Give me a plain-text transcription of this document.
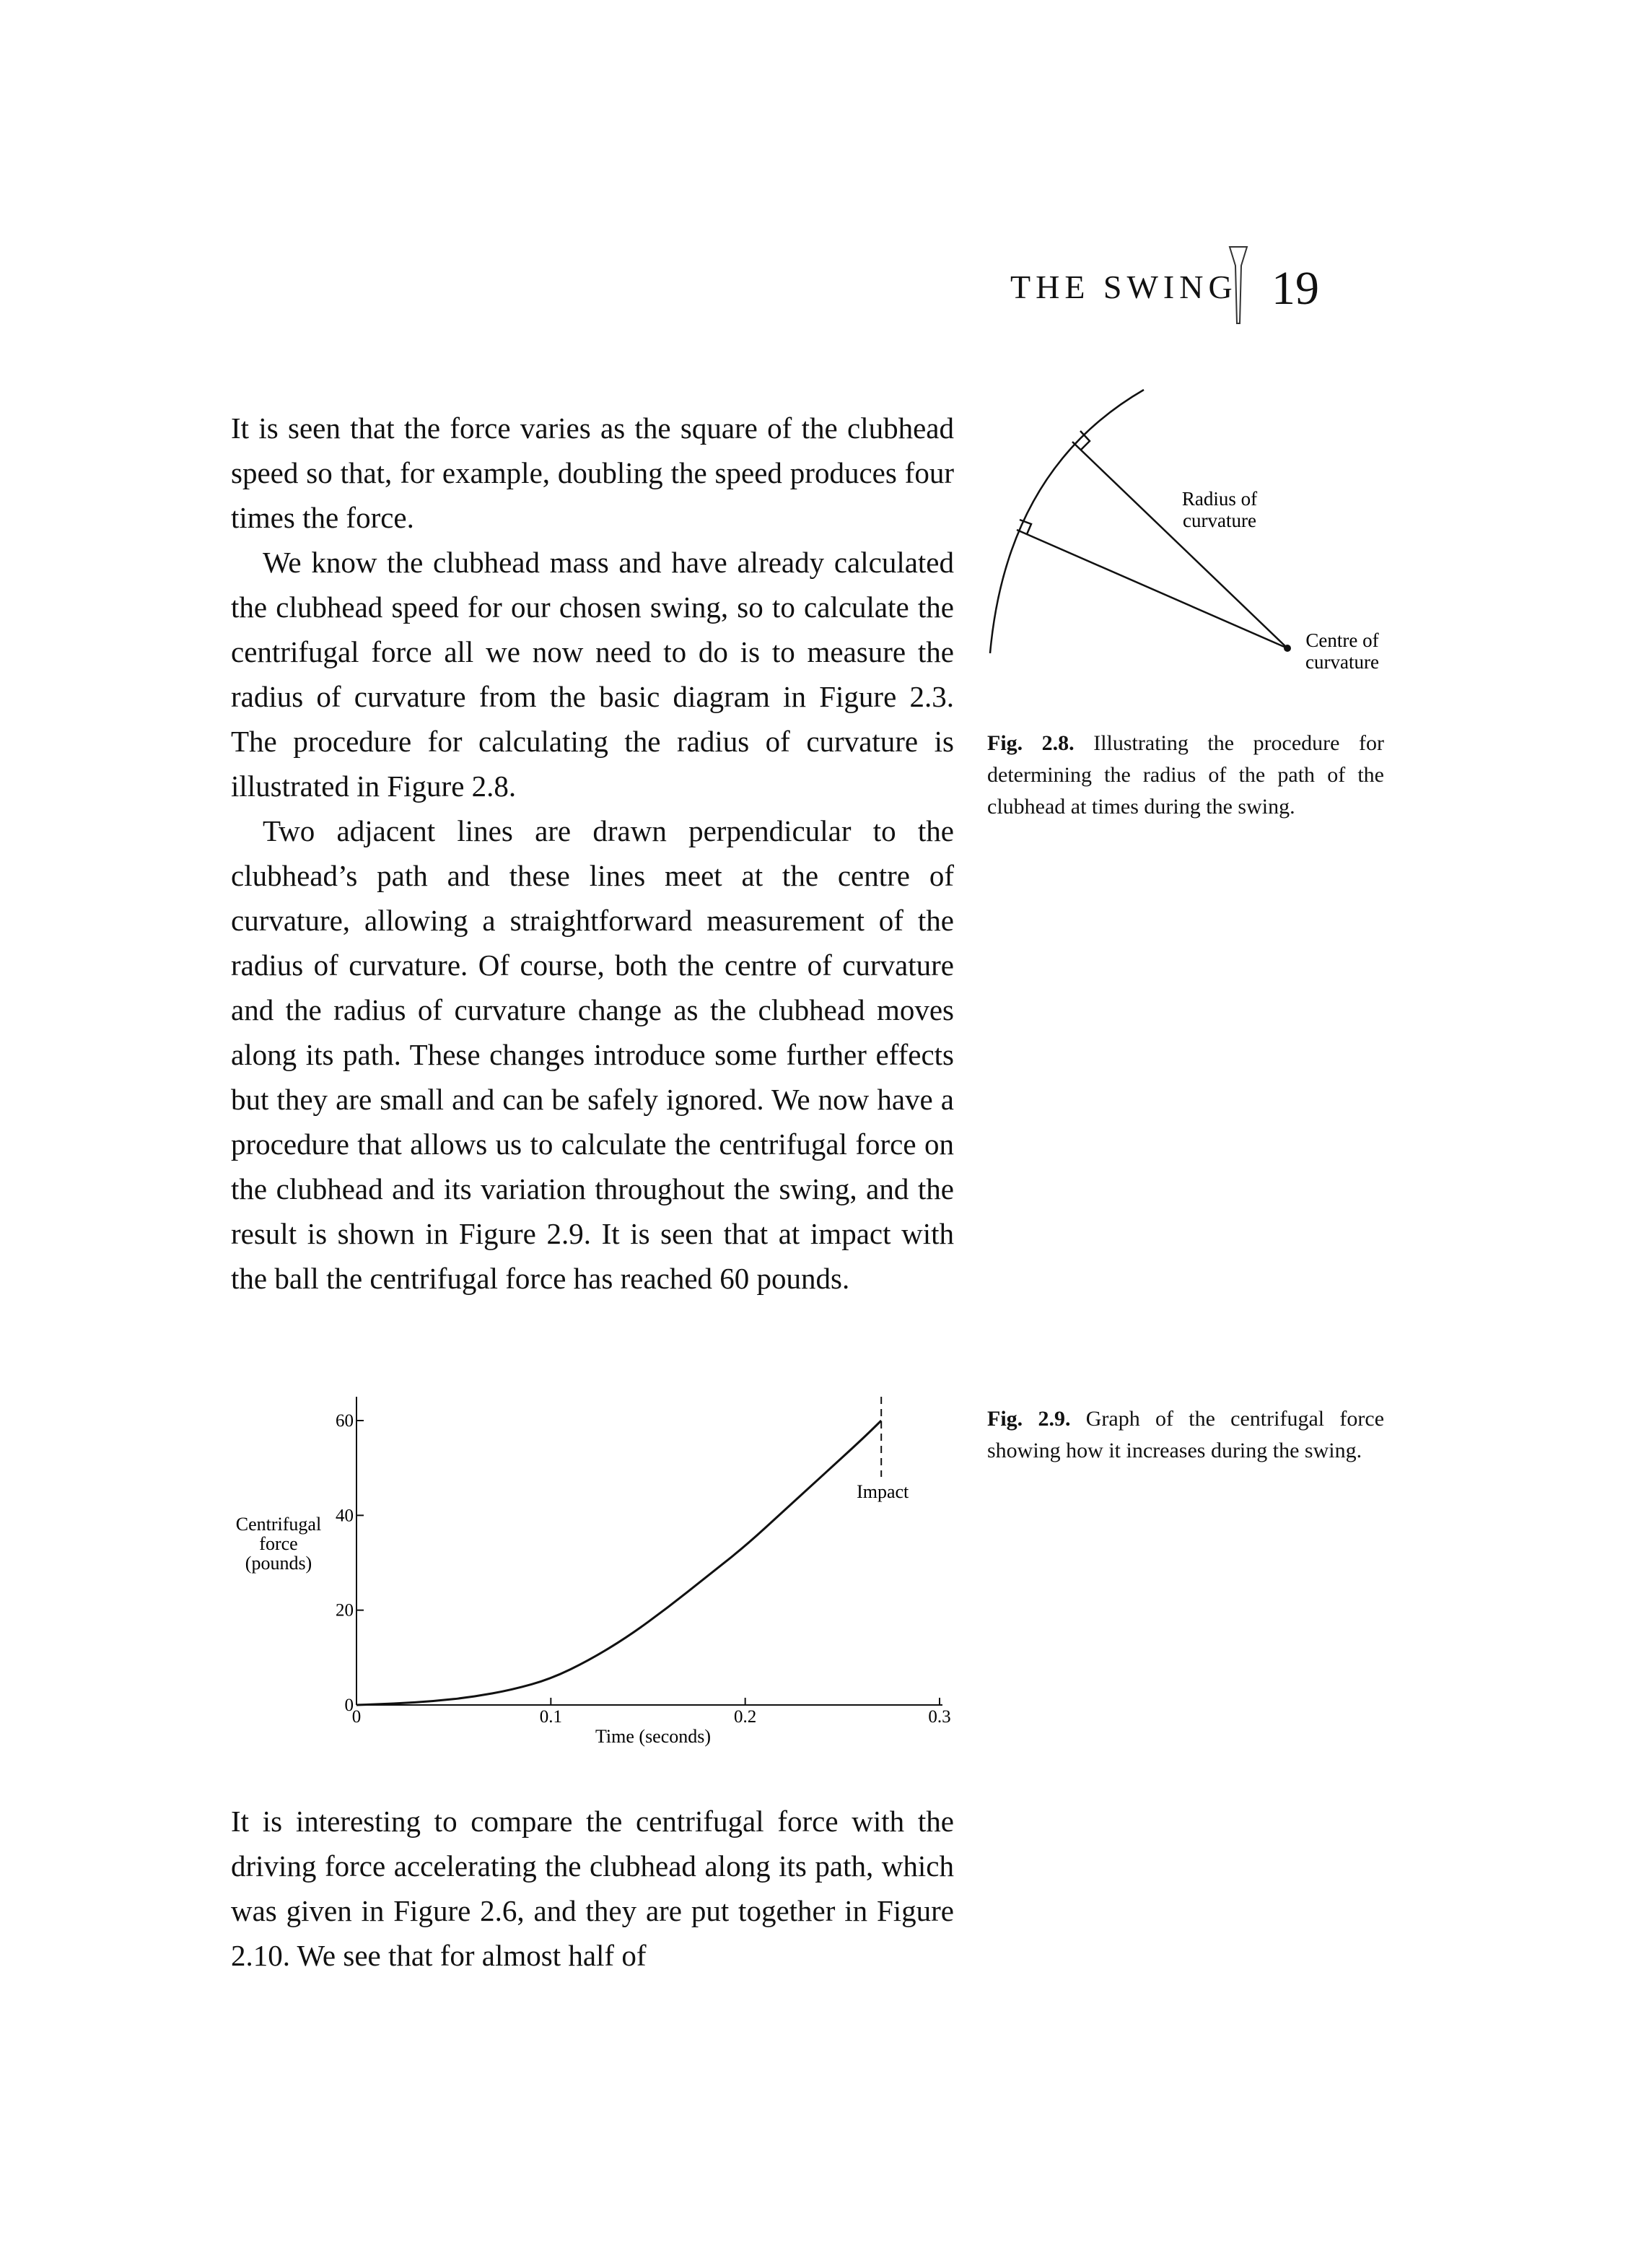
THE SWING 19

It is seen that the force varies as the square of the clubhead speed so that, for example, doubling the speed produces four times the force.

We know the clubhead mass and have already calculated the clubhead speed for our chosen swing, so to calculate the centrifugal force all we now need to do is to measure the radius of curvature from the basic diagram in Figure 2.3. The procedure for calculating the radius of curvature is illustrated in Figure 2.8.

Two adjacent lines are drawn perpendicular to the clubhead’s path and these lines meet at the centre of curvature, allowing a straightforward measurement of the radius of curvature. Of course, both the centre of curvature and the radius of curvature change as the clubhead moves along its path. These changes introduce some further effects but they are small and can be safely ignored. We now have a procedure that allows us to calculate the centrifugal force on the clubhead and its variation throughout the swing, and the result is shown in Figure 2.9. It is seen that at impact with the ball the centrifugal force has reached 60 pounds.

Radius of
curvature
Centre of
curvature
Fig. 2.8. Illustrating the procedure for determining the radius of the path of the clubhead at times during the swing.
Centrifugal
force
(pounds)
0
20
40
60
0	0.1	0.2	0.3
Time (seconds)
Impact
Fig. 2.9. Graph of the centrifugal force showing how it increases during the swing.

It is interesting to compare the centrifugal force with the driving force accelerating the clubhead along its path, which was given in Figure 2.6, and they are put together in Figure 2.10. We see that for almost half of
